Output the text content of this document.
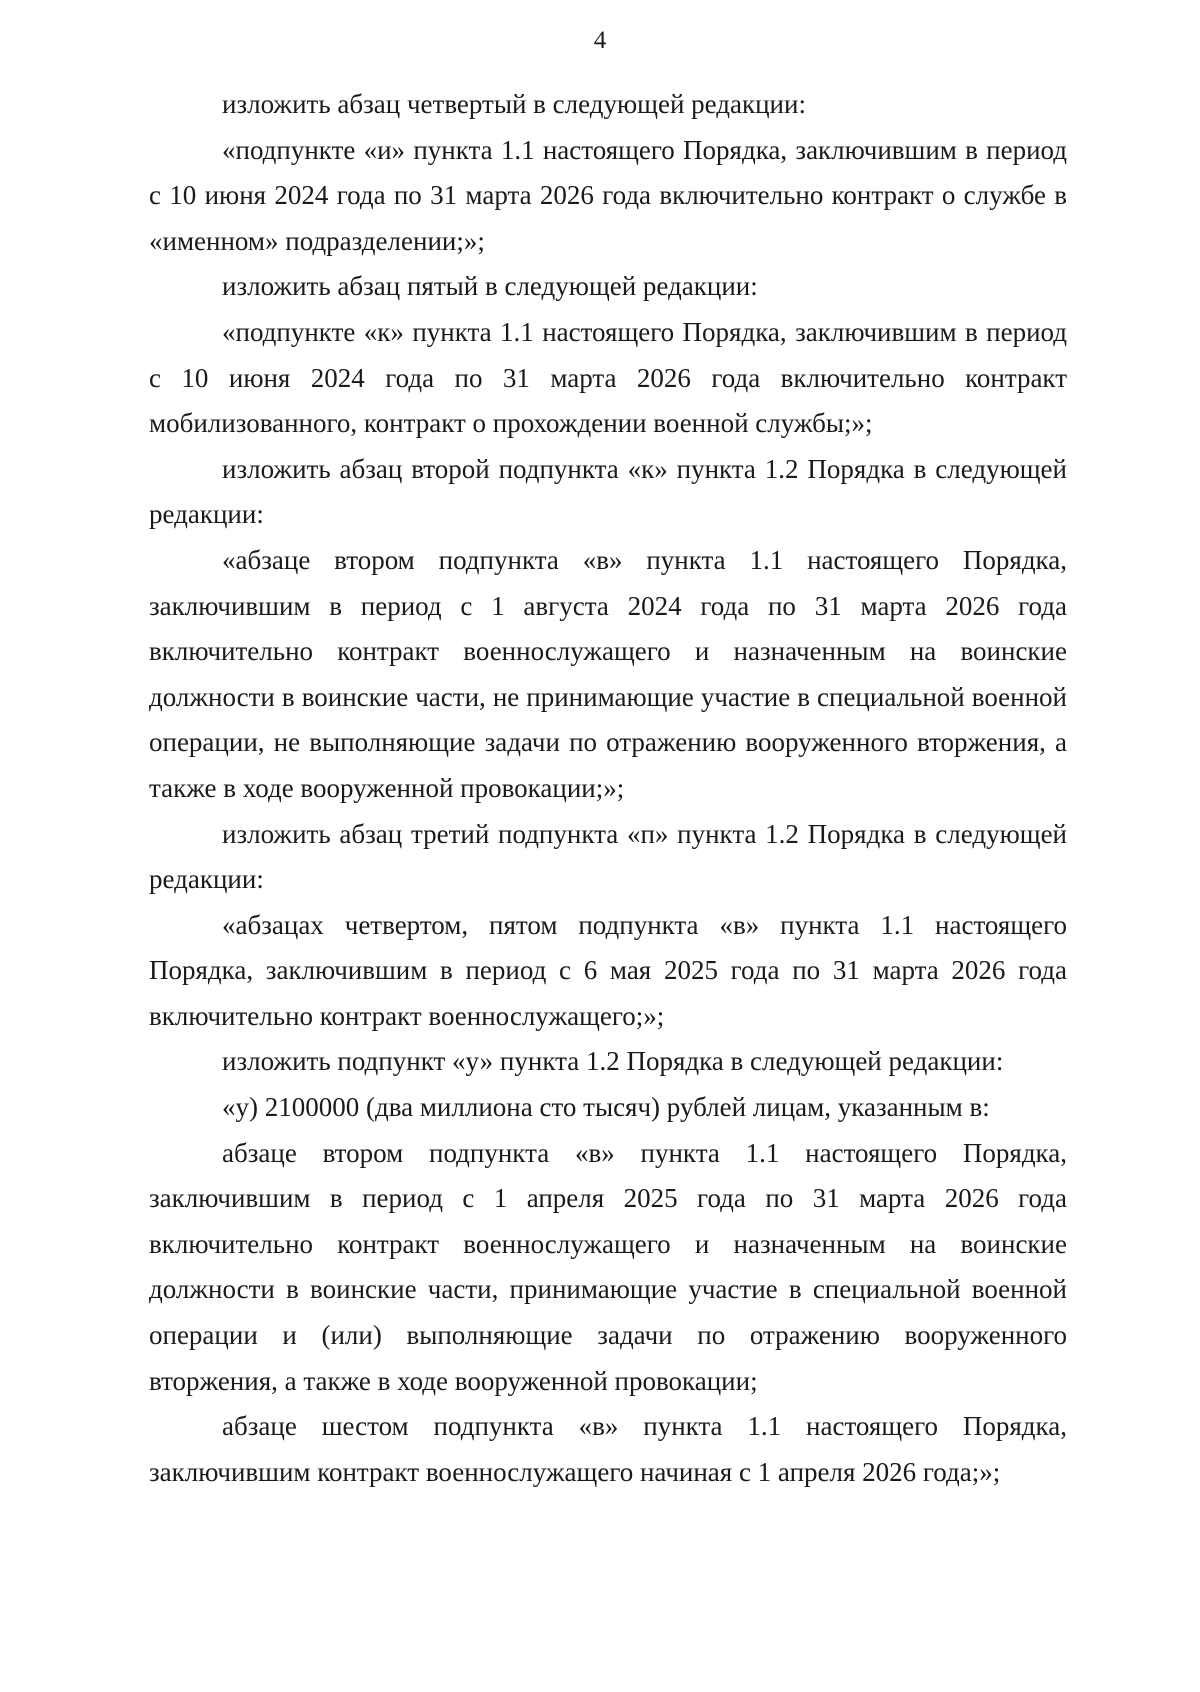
4

изложить абзац четвертый в следующей редакции:

«подпункте «и» пункта 1.1 настоящего Порядка, заключившим в период с 10 июня 2024 года по 31 марта 2026 года включительно контракт о службе в «именном» подразделении;»;

изложить абзац пятый в следующей редакции:

«подпункте «к» пункта 1.1 настоящего Порядка, заключившим в период с 10 июня 2024 года по 31 марта 2026 года включительно контракт мобилизованного, контракт о прохождении военной службы;»;

изложить абзац второй подпункта «к» пункта 1.2 Порядка в следующей редакции:

«абзаце втором подпункта «в» пункта 1.1 настоящего Порядка, заключившим в период с 1 августа 2024 года по 31 марта 2026 года включительно контракт военнослужащего и назначенным на воинские должности в воинские части, не принимающие участие в специальной военной операции, не выполняющие задачи по отражению вооруженного вторжения, а также в ходе вооруженной провокации;»;

изложить абзац третий подпункта «п» пункта 1.2 Порядка в следующей редакции:

«абзацах четвертом, пятом подпункта «в» пункта 1.1 настоящего Порядка, заключившим в период с 6 мая 2025 года по 31 марта 2026 года включительно контракт военнослужащего;»;

изложить подпункт «у» пункта 1.2 Порядка в следующей редакции:

«у) 2100000 (два миллиона сто тысяч) рублей лицам, указанным в:

абзаце втором подпункта «в» пункта 1.1 настоящего Порядка, заключившим в период с 1 апреля 2025 года по 31 марта 2026 года включительно контракт военнослужащего и назначенным на воинские должности в воинские части, принимающие участие в специальной военной операции и (или) выполняющие задачи по отражению вооруженного вторжения, а также в ходе вооруженной провокации;

абзаце шестом подпункта «в» пункта 1.1 настоящего Порядка, заключившим контракт военнослужащего начиная с 1 апреля 2026 года;»;
